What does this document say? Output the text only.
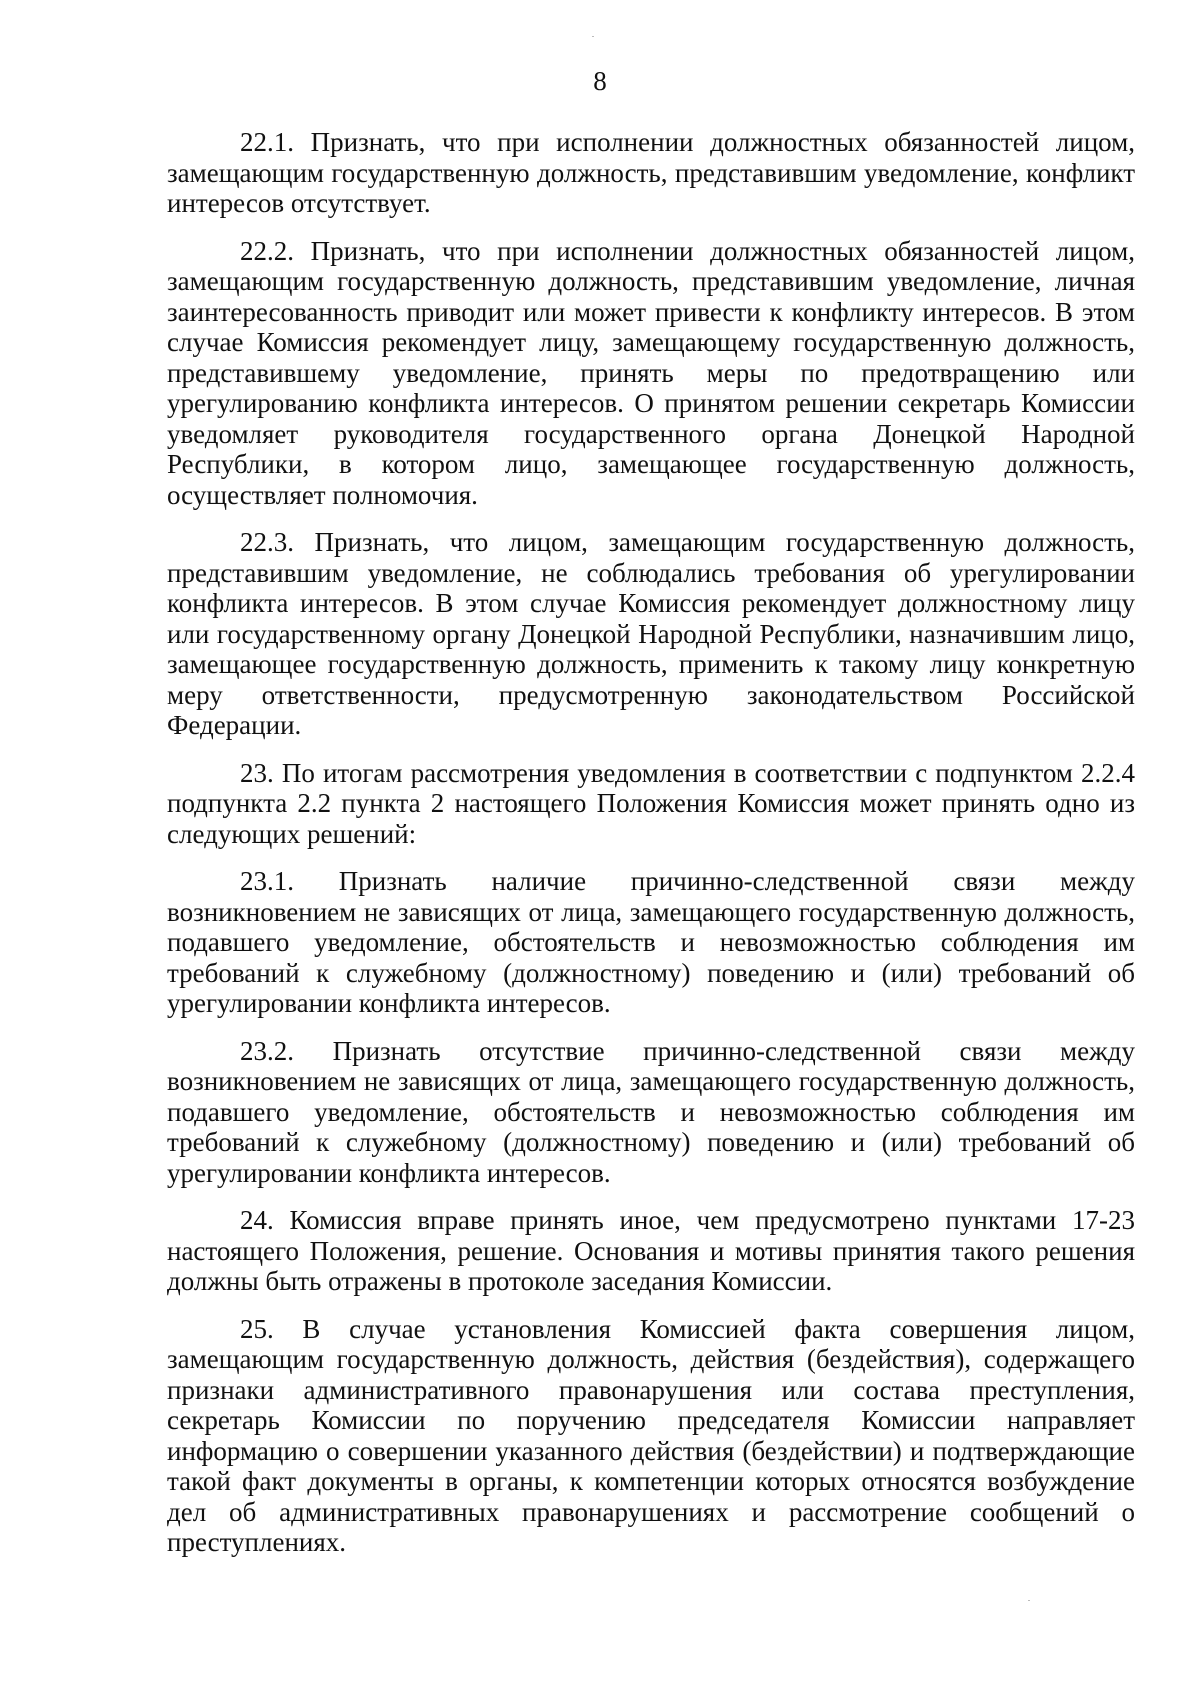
8

22.1. Признать, что при исполнении должностных обязанностей лицом, замещающим государственную должность, представившим уведомление, конфликт интересов отсутствует.

22.2. Признать, что при исполнении должностных обязанностей лицом, замещающим государственную должность, представившим уведомление, личная заинтересованность приводит или может привести к конфликту интересов. В этом случае Комиссия рекомендует лицу, замещающему государственную должность, представившему уведомление, принять меры по предотвращению или урегулированию конфликта интересов. О принятом решении секретарь Комиссии уведомляет руководителя государственного органа Донецкой Народной Республики, в котором лицо, замещающее государственную должность, осуществляет полномочия.

22.3. Признать, что лицом, замещающим государственную должность, представившим уведомление, не соблюдались требования об урегулировании конфликта интересов. В этом случае Комиссия рекомендует должностному лицу или государственному органу Донецкой Народной Республики, назначившим лицо, замещающее государственную должность, применить к такому лицу конкретную меру ответственности, предусмотренную законодательством Российской Федерации.

23. По итогам рассмотрения уведомления в соответствии с подпунктом 2.2.4 подпункта 2.2 пункта 2 настоящего Положения Комиссия может принять одно из следующих решений:

23.1. Признать наличие причинно-следственной связи между возникновением не зависящих от лица, замещающего государственную должность, подавшего уведомление, обстоятельств и невозможностью соблюдения им требований к служебному (должностному) поведению и (или) требований об урегулировании конфликта интересов.

23.2. Признать отсутствие причинно-следственной связи между возникновением не зависящих от лица, замещающего государственную должность, подавшего уведомление, обстоятельств и невозможностью соблюдения им требований к служебному (должностному) поведению и (или) требований об урегулировании конфликта интересов.

24. Комиссия вправе принять иное, чем предусмотрено пунктами 17-23 настоящего Положения, решение. Основания и мотивы принятия такого решения должны быть отражены в протоколе заседания Комиссии.

25. В случае установления Комиссией факта совершения лицом, замещающим государственную должность, действия (бездействия), содержащего признаки административного правонарушения или состава преступления, секретарь Комиссии по поручению председателя Комиссии направляет информацию о совершении указанного действия (бездействии) и подтверждающие такой факт документы в органы, к компетенции которых относятся возбуждение дел об административных правонарушениях и рассмотрение сообщений о преступлениях.
